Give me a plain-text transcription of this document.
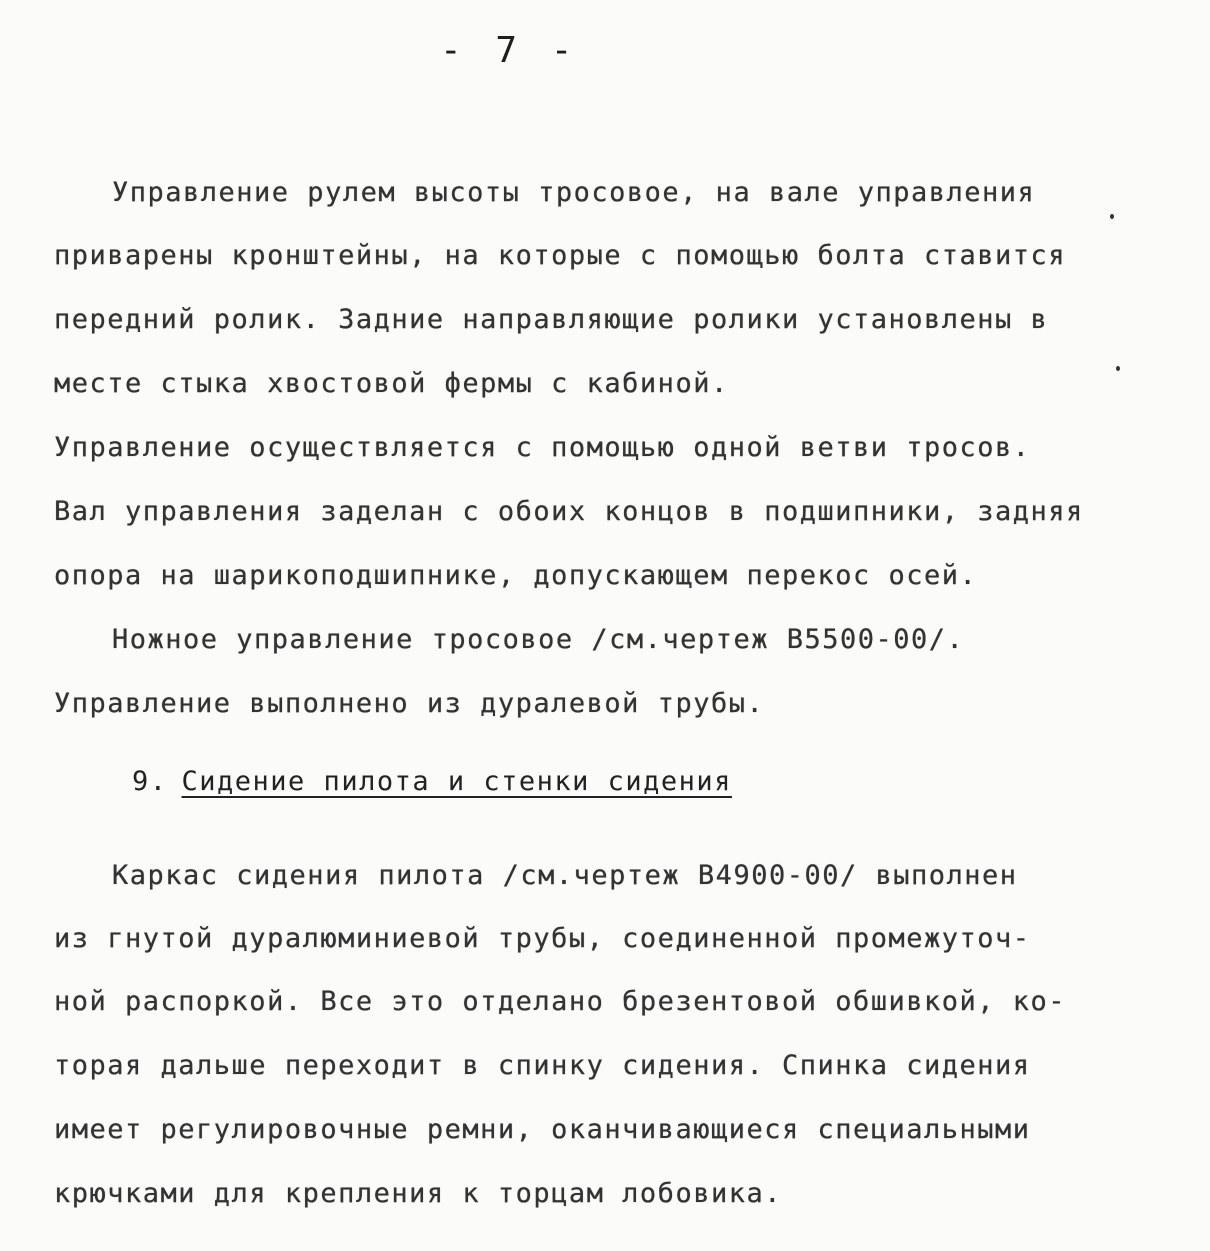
- 7 -
Управление рулем высоты тросовое, на вале управления
приварены кронштейны, на которые с помощью болта ставится
передний ролик. Задние направляющие ролики установлены в
месте стыка хвостовой фермы с кабиной.
Управление осуществляется с помощью одной ветви тросов.
Вал управления заделан с обоих концов в подшипники, задняя
опора на шарикоподшипнике, допускающем перекос осей.
Ножное управление тросовое /см.чертеж В5500-00/.
Управление выполнено из дуралевой трубы.
9. Сидение пилота и стенки сидения
Каркас сидения пилота /см.чертеж В4900-00/ выполнен
из гнутой дуралюминиевой трубы, соединенной промежуточ-
ной распоркой. Все это отделано брезентовой обшивкой, ко-
торая дальше переходит в спинку сидения. Спинка сидения
имеет регулировочные ремни, оканчивающиеся специальными
крючками для крепления к торцам лобовика.
